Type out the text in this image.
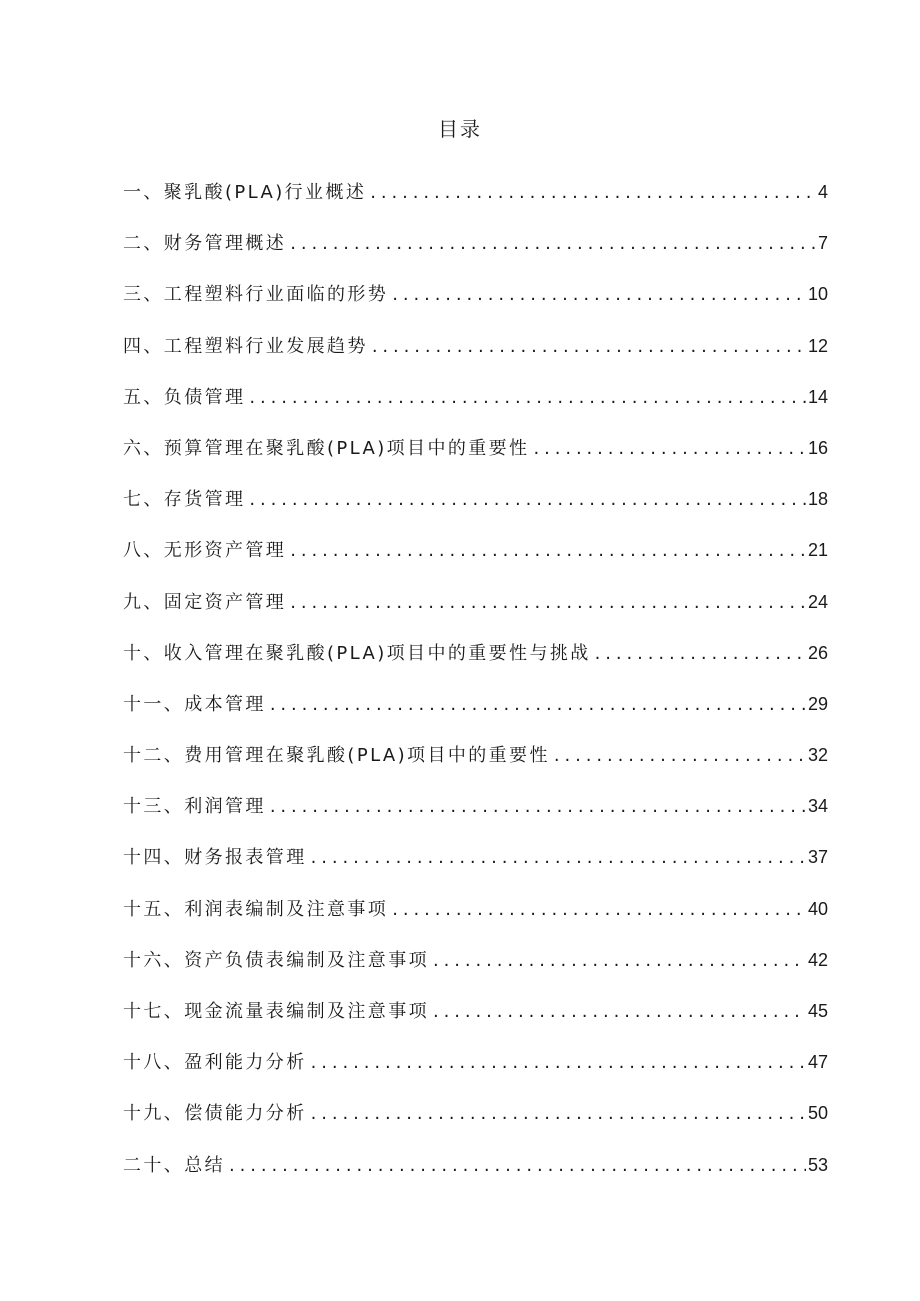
目录
一、聚乳酸(PLA)行业概述 .....	4
二、财务管理概述 .....	7
三、工程塑料行业面临的形势 .....	10
四、工程塑料行业发展趋势 .....	12
五、负债管理 .....	14
六、预算管理在聚乳酸(PLA)项目中的重要性 .....	16
七、存货管理 .....	18
八、无形资产管理 .....	21
九、固定资产管理 .....	24
十、收入管理在聚乳酸(PLA)项目中的重要性与挑战 .....	26
十一、成本管理 .....	29
十二、费用管理在聚乳酸(PLA)项目中的重要性 .....	32
十三、利润管理 .....	34
十四、财务报表管理 .....	37
十五、利润表编制及注意事项 .....	40
十六、资产负债表编制及注意事项 .....	42
十七、现金流量表编制及注意事项 .....	45
十八、盈利能力分析 .....	47
十九、偿债能力分析 .....	50
二十、总结 .....	53
